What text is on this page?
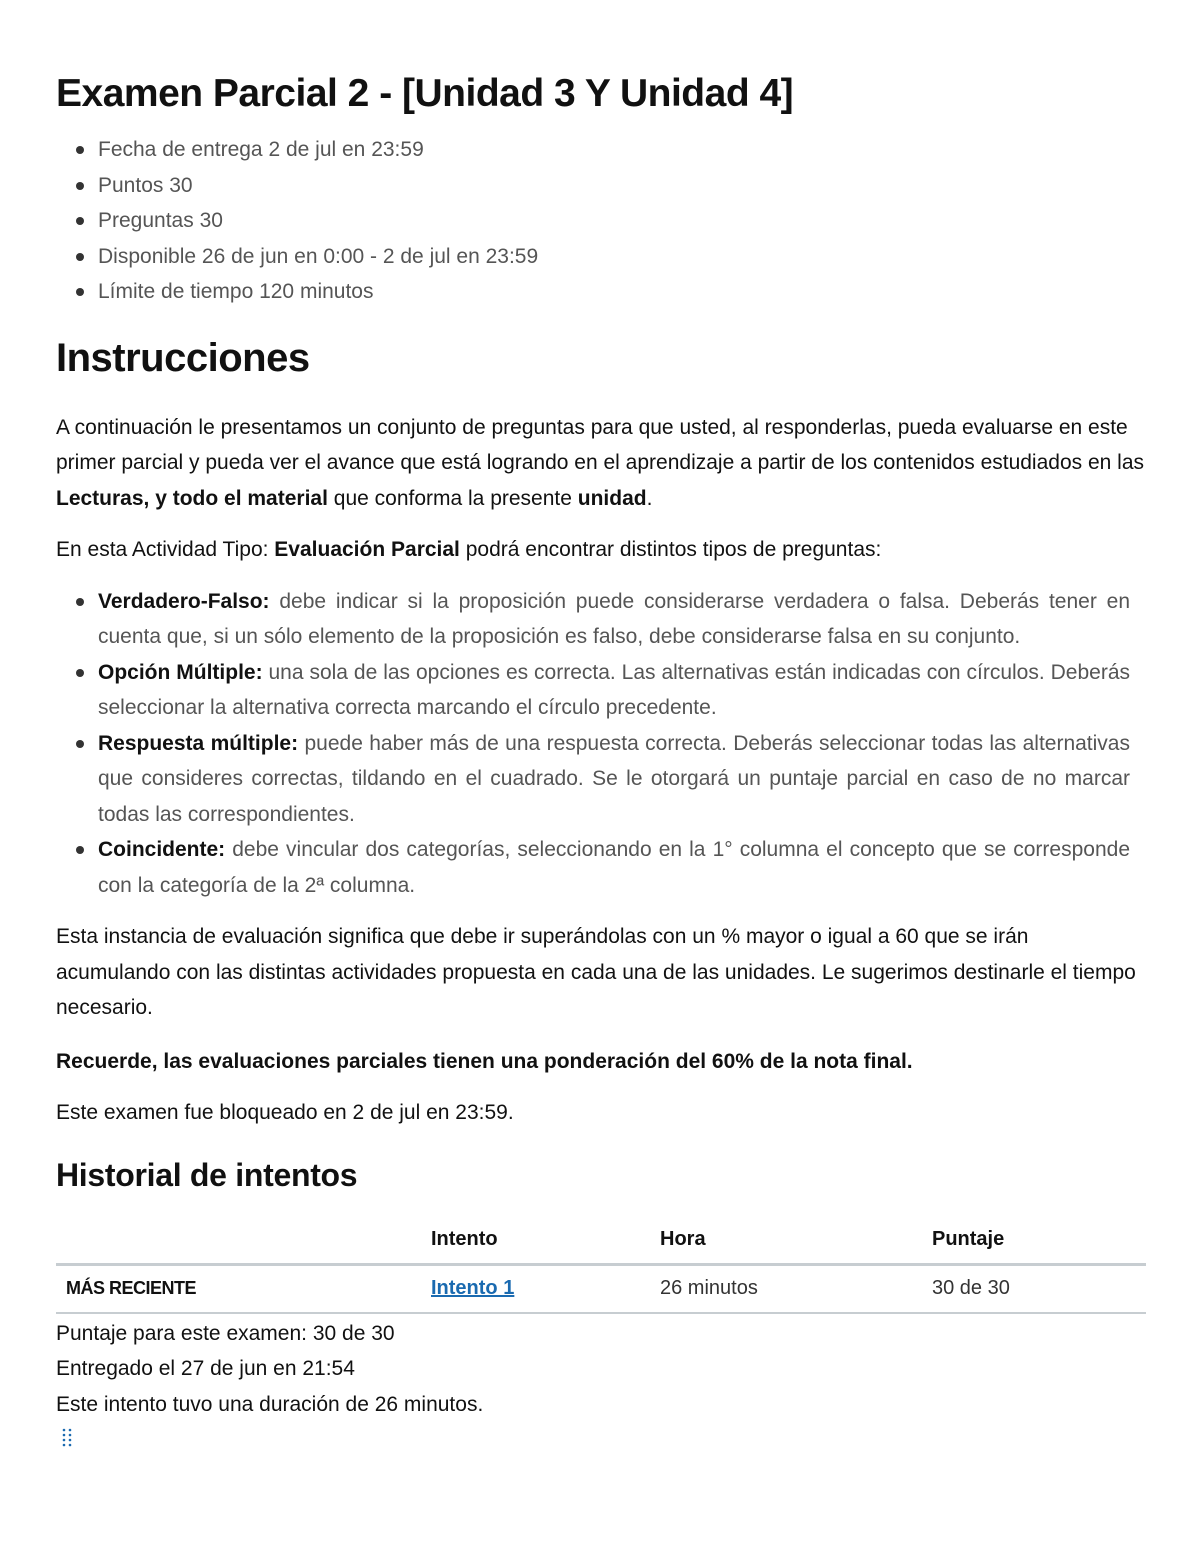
Examen Parcial 2 - [Unidad 3 Y Unidad 4]
Fecha de entrega 2 de jul en 23:59
Puntos 30
Preguntas 30
Disponible 26 de jun en 0:00 - 2 de jul en 23:59
Límite de tiempo 120 minutos
Instrucciones

A continuación le presentamos un conjunto de preguntas para que usted, al responderlas, pueda evaluarse en este primer parcial y pueda ver el avance que está logrando en el aprendizaje a partir de los contenidos estudiados en las Lecturas, y todo el material que conforma la presente unidad.

En esta Actividad Tipo: Evaluación Parcial podrá encontrar distintos tipos de preguntas:

Verdadero-Falso: debe indicar si la proposición puede considerarse verdadera o falsa. Deberás tener en cuenta que, si un sólo elemento de la proposición es falso, debe considerarse falsa en su conjunto.
Opción Múltiple: una sola de las opciones es correcta. Las alternativas están indicadas con círculos. Deberás seleccionar la alternativa correcta marcando el círculo precedente.
Respuesta múltiple: puede haber más de una respuesta correcta. Deberás seleccionar todas las alternativas que consideres correctas, tildando en el cuadrado. Se le otorgará un puntaje parcial en caso de no marcar todas las correspondientes.
Coincidente: debe vincular dos categorías, seleccionando en la 1° columna el concepto que se corresponde con la categoría de la 2ª columna.

Esta instancia de evaluación significa que debe ir superándolas con un % mayor o igual a 60 que se irán acumulando con las distintas actividades propuesta en cada una de las unidades. Le sugerimos destinarle el tiempo necesario.

Recuerde, las evaluaciones parciales tienen una ponderación del 60% de la nota final.

Este examen fue bloqueado en 2 de jul en 23:59.

Historial de intentos
	Intento	Hora	Puntaje
MÁS RECIENTE	Intento 1	26 minutos	30 de 30

Puntaje para este examen: 30 de 30

Entregado el 27 de jun en 21:54

Este intento tuvo una duración de 26 minutos.
